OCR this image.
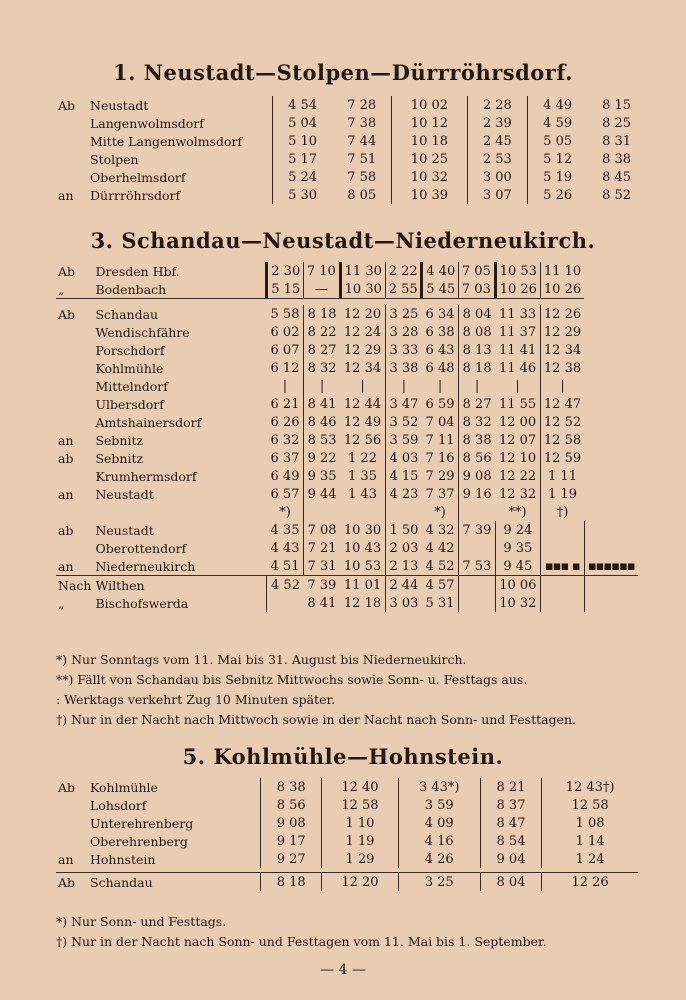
1. Neustadt—Stolpen—Dürrröhrsdorf.
Ab	Neustadt	4 54	7 28	10 02	2 28	4 49	8 15
	Langenwolmsdorf	5 04	7 38	10 12	2 39	4 59	8 25
	Mitte Langenwolmsdorf	5 10	7 44	10 18	2 45	5 05	8 31
	Stolpen	5 17	7 51	10 25	2 53	5 12	8 38
	Oberhelmsdorf	5 24	7 58	10 32	3 00	5 19	8 45
an	Dürrröhrsdorf	5 30	8 05	10 39	3 07	5 26	8 52
3. Schandau—Neustadt—Niederneukirch.
Ab	Dresden Hbf.	2 30	7 10	11 30	2 22	4 40	7 05	10 53	11 10	
„	Bodenbach	5 15	—	10 30	2 55	5 45	7 03	10 26	10 26	

Ab	Schandau	5 58	8 18	12 20	3 25	6 34	8 04	11 33	12 26	
	Wendischfähre	6 02	8 22	12 24	3 28	6 38	8 08	11 37	12 29	
	Porschdorf	6 07	8 27	12 29	3 33	6 43	8 13	11 41	12 34	
	Kohlmühle	6 12	8 32	12 34	3 38	6 48	8 18	11 46	12 38	
	Mittelndorf	|	|	|	|	|	|	|	|	
	Ulbersdorf	6 21	8 41	12 44	3 47	6 59	8 27	11 55	12 47	
	Amtshainersdorf	6 26	8 46	12 49	3 52	7 04	8 32	12 00	12 52	
an	Sebnitz	6 32	8 53	12 56	3 59	7 11	8 38	12 07	12 58	
ab	Sebnitz	6 37	9 22	1 22	4 03	7 16	8 56	12 10	12 59	
	Krumhermsdorf	6 49	9 35	1 35	4 15	7 29	9 08	12 22	1 11	
an	Neustadt	6 57	9 44	1 43	4 23	7 37	9 16	12 32	1 19	
		*)				*)		**)	†)	
ab	Neustadt	4 35	7 08	10 30	1 50	4 32	7 39	9 24		
	Oberottendorf	4 43	7 21	10 43	2 03	4 42		9 35		
an	Niederneukirch	4 51	7 31	10 53	2 13	4 52	7 53	9 45	▪▪▪ ▪	▪▪▪▪▪▪
Nach	Wilthen	4 52	7 39	11 01	2 44	4 57		10 06		
„	Bischofswerda		8 41	12 18	3 03	5 31		10 32		
*) Nur Sonntags vom 11. Mai bis 31. August bis Niederneukirch.
**) Fällt von Schandau bis Sebnitz Mittwochs sowie Sonn- u. Festtags aus.
: Werktags verkehrt Zug 10 Minuten später.
†) Nur in der Nacht nach Mittwoch sowie in der Nacht nach Sonn- und Festtagen.
5. Kohlmühle—Hohnstein.
Ab	Kohlmühle	8 38	12 40	3 43*)	8 21	12 43†)
	Lohsdorf	8 56	12 58	3 59	8 37	12 58
	Unterehrenberg	9 08	1 10	4 09	8 47	1 08
	Oberehrenberg	9 17	1 19	4 16	8 54	1 14
an	Hohnstein	9 27	1 29	4 26	9 04	1 24

Ab	Schandau	8 18	12 20	3 25	8 04	12 26
*) Nur Sonn- und Festtags.
†) Nur in der Nacht nach Sonn- und Festtagen vom 11. Mai bis 1. September.
— 4 —
